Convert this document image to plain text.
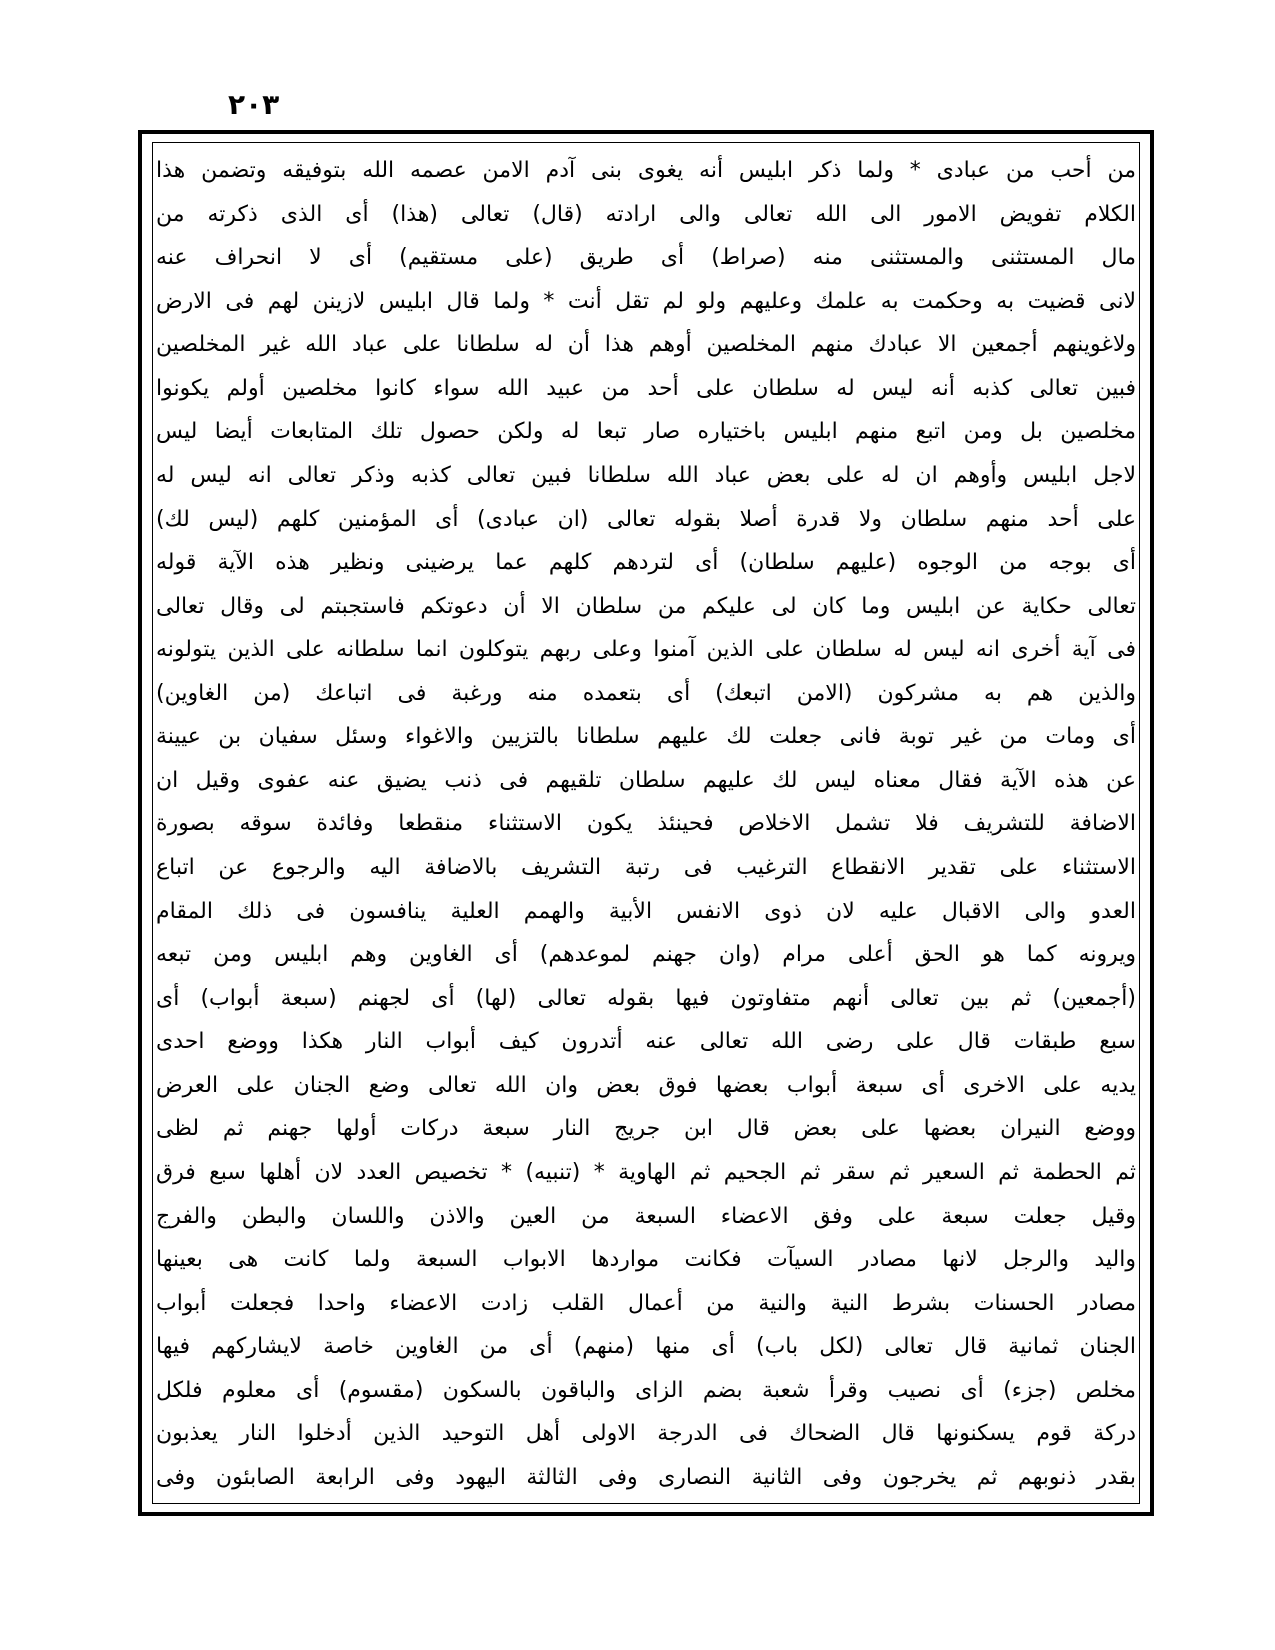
٢٠٣
من أحب من عبادى * ولما ذكر ابليس أنه يغوى بنى آدم الامن عصمه الله بتوفيقه وتضمن هذا
الكلام تفويض الامور الى الله تعالى والى ارادته (قال) تعالى (هذا) أى الذى ذكرته من
مال المستثنى والمستثنى منه (صراط) أى طريق (على مستقيم) أى لا انحراف عنه
لانى قضيت به وحكمت به علمك وعليهم ولو لم تقل أنت * ولما قال ابليس لازينن لهم فى الارض
ولاغوينهم أجمعين الا عبادك منهم المخلصين أوهم هذا أن له سلطانا على عباد الله غير المخلصين
فبين تعالى كذبه أنه ليس له سلطان على أحد من عبيد الله سواء كانوا مخلصين أولم يكونوا
مخلصين بل ومن اتبع منهم ابليس باختياره صار تبعا له ولكن حصول تلك المتابعات أيضا ليس
لاجل ابليس وأوهم ان له على بعض عباد الله سلطانا فبين تعالى كذبه وذكر تعالى انه ليس له
على أحد منهم سلطان ولا قدرة أصلا بقوله تعالى (ان عبادى) أى المؤمنين كلهم (ليس لك)
أى بوجه من الوجوه (عليهم سلطان) أى لتردهم كلهم عما يرضينى ونظير هذه الآية قوله
تعالى حكاية عن ابليس وما كان لى عليكم من سلطان الا أن دعوتكم فاستجبتم لى وقال تعالى
فى آية أخرى انه ليس له سلطان على الذين آمنوا وعلى ربهم يتوكلون انما سلطانه على الذين يتولونه
والذين هم به مشركون (الامن اتبعك) أى بتعمده منه ورغبة فى اتباعك (من الغاوين)
أى ومات من غير توبة فانى جعلت لك عليهم سلطانا بالتزيين والاغواء وسئل سفيان بن عيينة
عن هذه الآية فقال معناه ليس لك عليهم سلطان تلقيهم فى ذنب يضيق عنه عفوى وقيل ان
الاضافة للتشريف فلا تشمل الاخلاص فحينئذ يكون الاستثناء منقطعا وفائدة سوقه بصورة
الاستثناء على تقدير الانقطاع الترغيب فى رتبة التشريف بالاضافة اليه والرجوع عن اتباع
العدو والى الاقبال عليه لان ذوى الانفس الأبية والهمم العلية ينافسون فى ذلك المقام
ويرونه كما هو الحق أعلى مرام (وان جهنم لموعدهم) أى الغاوين وهم ابليس ومن تبعه
(أجمعين) ثم بين تعالى أنهم متفاوتون فيها بقوله تعالى (لها) أى لجهنم (سبعة أبواب) أى
سبع طبقات قال على رضى الله تعالى عنه أتدرون كيف أبواب النار هكذا ووضع احدى
يديه على الاخرى أى سبعة أبواب بعضها فوق بعض وان الله تعالى وضع الجنان على العرض
ووضع النيران بعضها على بعض قال ابن جريج النار سبعة دركات أولها جهنم ثم لظى
ثم الحطمة ثم السعير ثم سقر ثم الجحيم ثم الهاوية * (تنبيه) * تخصيص العدد لان أهلها سبع فرق
وقيل جعلت سبعة على وفق الاعضاء السبعة من العين والاذن واللسان والبطن والفرج
واليد والرجل لانها مصادر السيآت فكانت مواردها الابواب السبعة ولما كانت هى بعينها
مصادر الحسنات بشرط النية والنية من أعمال القلب زادت الاعضاء واحدا فجعلت أبواب
الجنان ثمانية قال تعالى (لكل باب) أى منها (منهم) أى من الغاوين خاصة لايشاركهم فيها
مخلص (جزء) أى نصيب وقرأ شعبة بضم الزاى والباقون بالسكون (مقسوم) أى معلوم فلكل
دركة قوم يسكنونها قال الضحاك فى الدرجة الاولى أهل التوحيد الذين أدخلوا النار يعذبون
بقدر ذنوبهم ثم يخرجون وفى الثانية النصارى وفى الثالثة اليهود وفى الرابعة الصابئون وفى
